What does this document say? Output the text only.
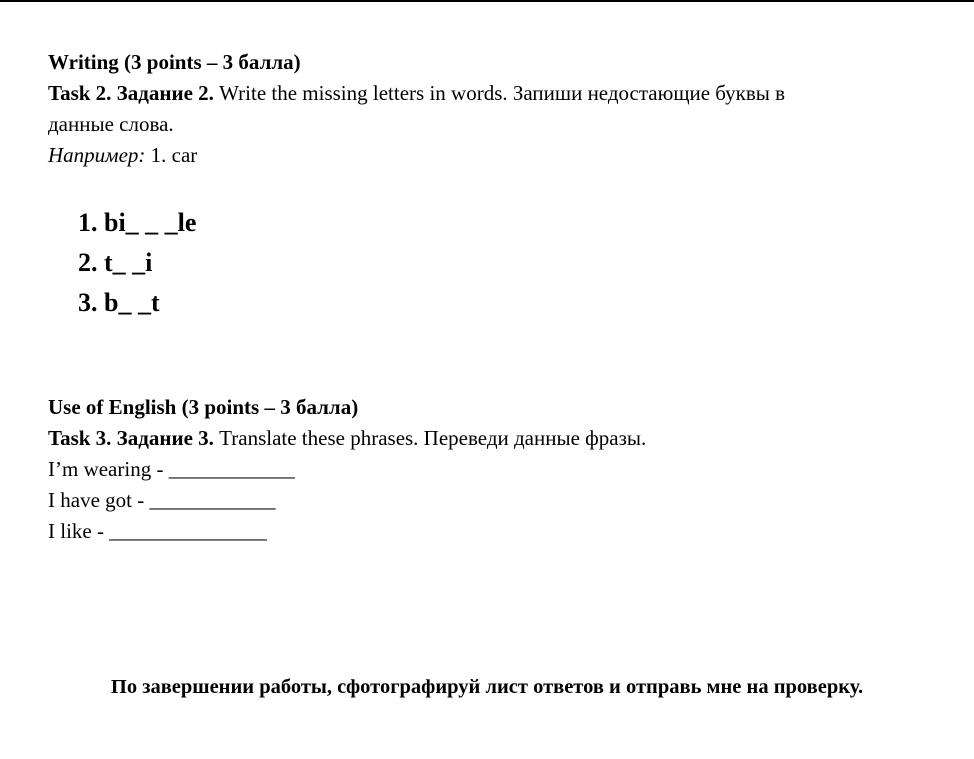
Writing (3 points – 3 балла)
Task 2. Задание 2. Write the missing letters in words. Запиши недостающие буквы в
данные слова.
Например: 1. car
1. bi_ _ _le
2. t_ _i
3. b_ _t
Use of English (3 points – 3 балла)
Task 3. Задание 3. Translate these phrases. Переведи данные фразы.
I’m wearing - ____________
I have got - ____________
I like - _______________
По завершении работы, сфотографируй лист ответов и отправь мне на проверку.
